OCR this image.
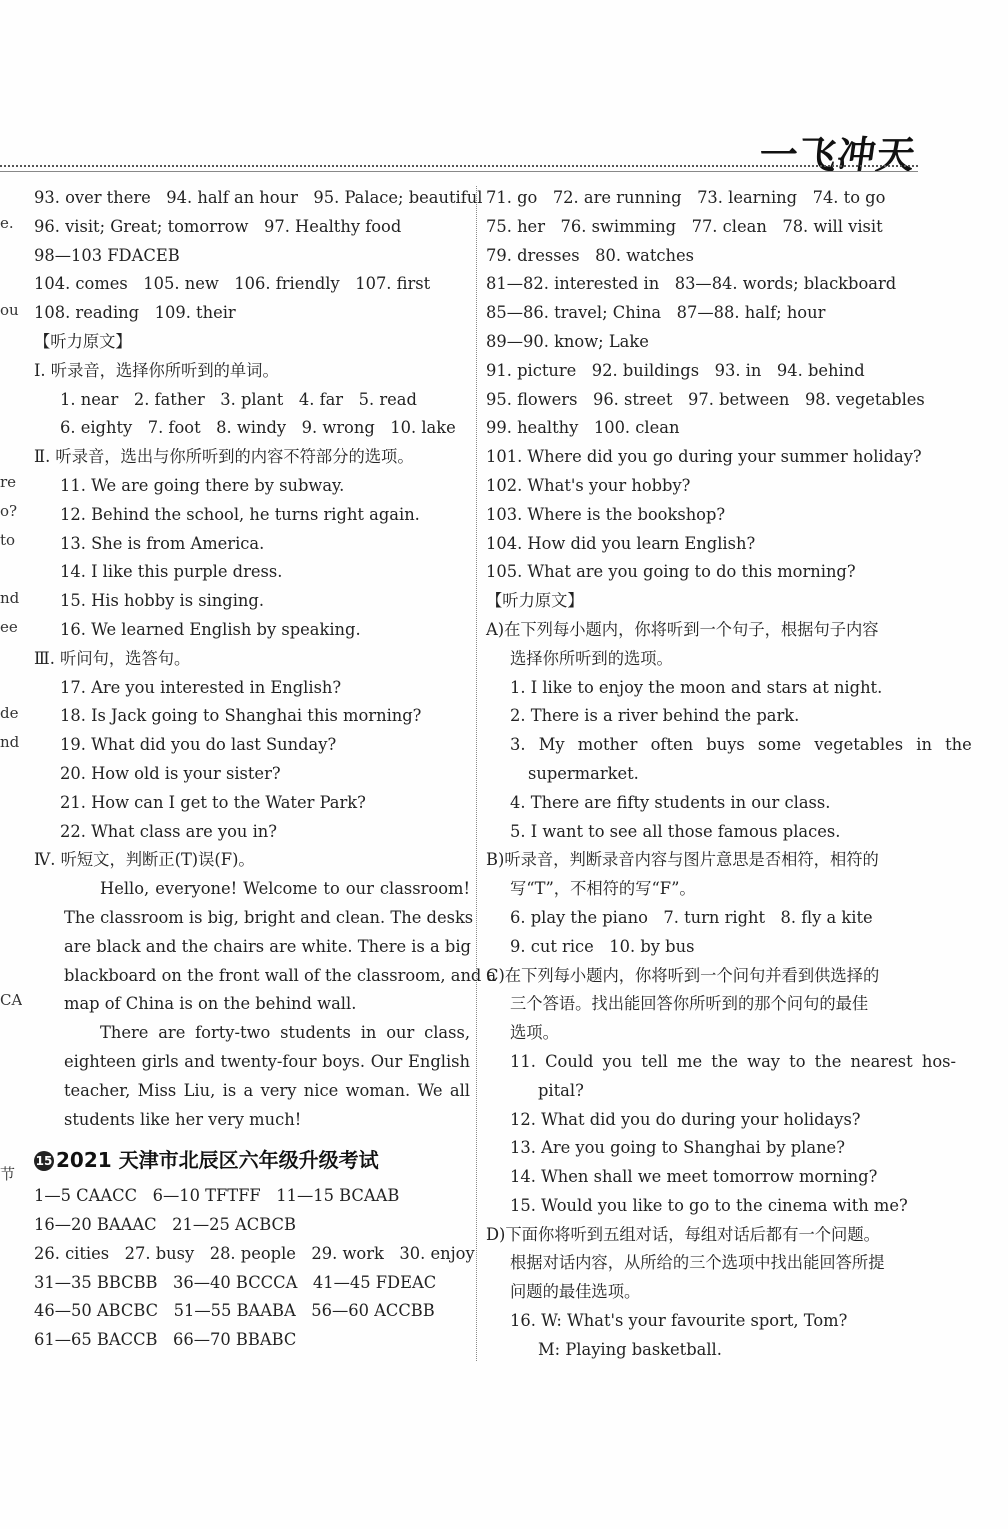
一飞冲天
e.
ou
re
o?
to
nd
ee
de
nd
CA
节
93. over there   94. half an hour   95. Palace; beautiful
96. visit; Great; tomorrow   97. Healthy food
98—103 FDACEB
104. comes   105. new   106. friendly   107. first
108. reading   109. their
【听力原文】
Ⅰ. 听录音，选择你所听到的单词。
1. near   2. father   3. plant   4. far   5. read
6. eighty   7. foot   8. windy   9. wrong   10. lake
Ⅱ. 听录音，选出与你所听到的内容不符部分的选项。
11. We are going there by subway.
12. Behind the school, he turns right again.
13. She is from America.
14. I like this purple dress.
15. His hobby is singing.
16. We learned English by speaking.
Ⅲ. 听问句，选答句。
17. Are you interested in English?
18. Is Jack going to Shanghai this morning?
19. What did you do last Sunday?
20. How old is your sister?
21. How can I get to the Water Park?
22. What class are you in?
Ⅳ. 听短文，判断正(T)误(F)。

Hello, everyone! Welcome to our classroom!

The classroom is big, bright and clean. The desks

are black and the chairs are white. There is a big

blackboard on the front wall of the classroom, and a

map of China is on the behind wall.

There are forty-two students in our class,

eighteen girls and twenty-four boys. Our English

teacher, Miss Liu, is a very nice woman. We all

students like her very much!

15 2021 天津市北辰区六年级升级考试
1—5 CAACC   6—10 TFTFF   11—15 BCAAB
16—20 BAAAC   21—25 ACBCB
26. cities   27. busy   28. people   29. work   30. enjoy
31—35 BBCBB   36—40 BCCCA   41—45 FDEAC
46—50 ABCBC   51—55 BAABA   56—60 ACCBB
61—65 BACCB   66—70 BBABC
71. go   72. are running   73. learning   74. to go
75. her   76. swimming   77. clean   78. will visit
79. dresses   80. watches
81—82. interested in   83—84. words; blackboard
85—86. travel; China   87—88. half; hour
89—90. know; Lake
91. picture   92. buildings   93. in   94. behind
95. flowers   96. street   97. between   98. vegetables
99. healthy   100. clean
101. Where did you go during your summer holiday?
102. What's your hobby?
103. Where is the bookshop?
104. How did you learn English?
105. What are you going to do this morning?
【听力原文】
A)在下列每小题内，你将听到一个句子，根据句子内容
选择你所听到的选项。
1. I like to enjoy the moon and stars at night.
2. There is a river behind the park.
3. My mother often buys some vegetables in the
supermarket.
4. There are fifty students in our class.
5. I want to see all those famous places.
B)听录音，判断录音内容与图片意思是否相符，相符的
写“T”，不相符的写“F”。
6. play the piano   7. turn right   8. fly a kite
9. cut rice   10. by bus
C)在下列每小题内，你将听到一个问句并看到供选择的
三个答语。找出能回答你所听到的那个问句的最佳
选项。
11. Could you tell me the way to the nearest hos-
pital?
12. What did you do during your holidays?
13. Are you going to Shanghai by plane?
14. When shall we meet tomorrow morning?
15. Would you like to go to the cinema with me?
D)下面你将听到五组对话，每组对话后都有一个问题。
根据对话内容，从所给的三个选项中找出能回答所提
问题的最佳选项。
16. W: What's your favourite sport, Tom?
M: Playing basketball.
